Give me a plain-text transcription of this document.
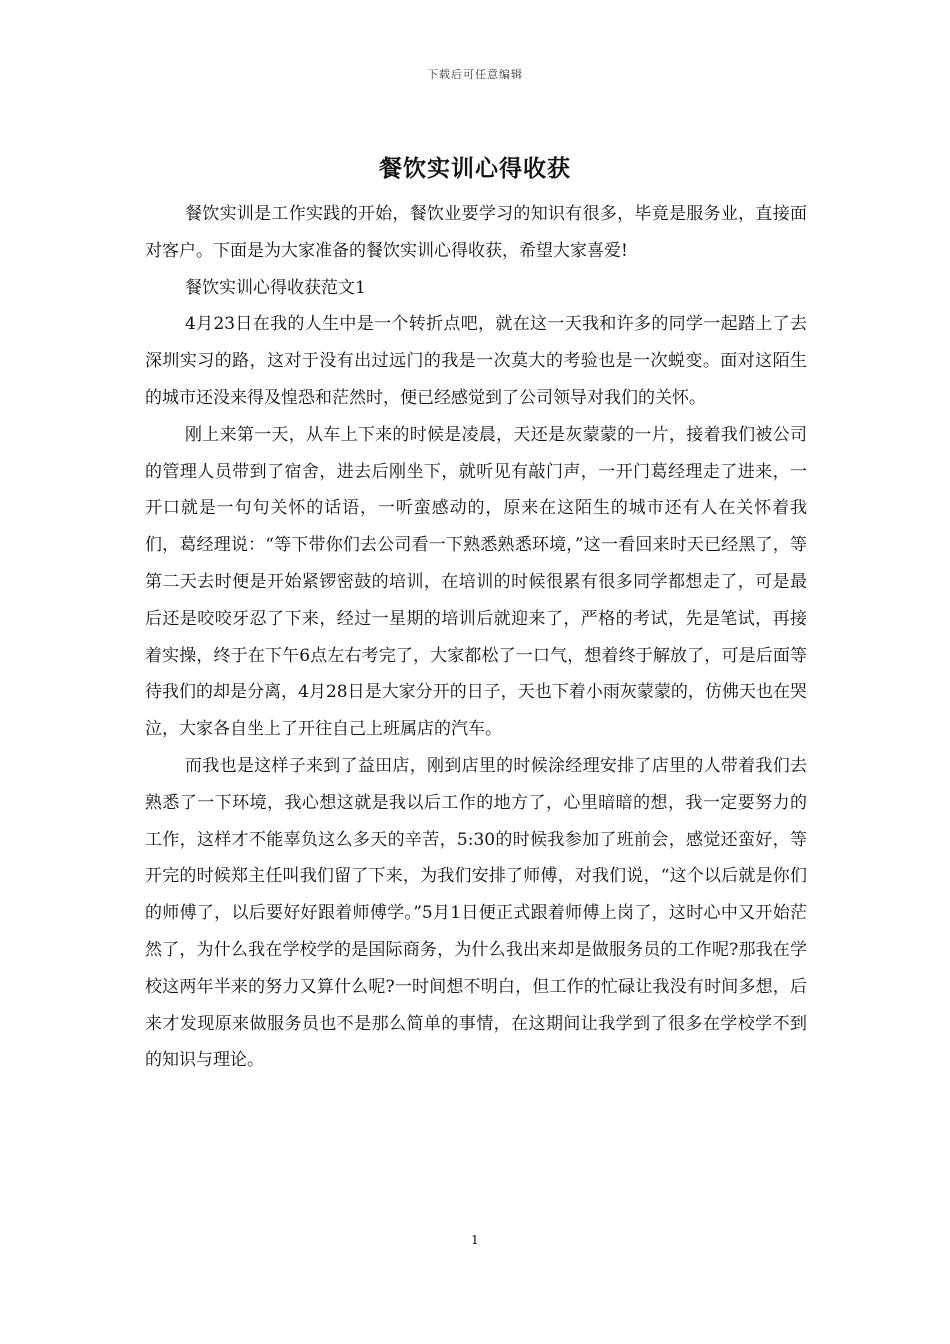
下载后可任意编辑
餐饮实训心得收获

餐饮实训是工作实践的开始，餐饮业要学习的知识有很多，毕竟是服务业，直接面对客户。下面是为大家准备的餐饮实训心得收获，希望大家喜爱!

餐饮实训心得收获范文1

4月23日在我的人生中是一个转折点吧，就在这一天我和许多的同学一起踏上了去深圳实习的路，这对于没有出过远门的我是一次莫大的考验也是一次蜕变。面对这陌生的城市还没来得及惶恐和茫然时，便已经感觉到了公司领导对我们的关怀。

刚上来第一天，从车上下来的时候是凌晨，天还是灰蒙蒙的一片，接着我们被公司的管理人员带到了宿舍，进去后刚坐下，就听见有敲门声，一开门葛经理走了进来，一开口就是一句句关怀的话语，一听蛮感动的，原来在这陌生的城市还有人在关怀着我们，葛经理说：“等下带你们去公司看一下熟悉熟悉环境，”这一看回来时天已经黑了，等第二天去时便是开始紧锣密鼓的培训，在培训的时候很累有很多同学都想走了，可是最后还是咬咬牙忍了下来，经过一星期的培训后就迎来了，严格的考试，先是笔试，再接着实操，终于在下午6点左右考完了，大家都松了一口气，想着终于解放了，可是后面等待我们的却是分离，4月28日是大家分开的日子，天也下着小雨灰蒙蒙的，仿佛天也在哭泣，大家各自坐上了开往自己上班属店的汽车。

而我也是这样子来到了益田店，刚到店里的时候涂经理安排了店里的人带着我们去熟悉了一下环境，我心想这就是我以后工作的地方了，心里暗暗的想，我一定要努力的工作，这样才不能辜负这么多天的辛苦，5:30的时候我参加了班前会，感觉还蛮好，等开完的时候郑主任叫我们留了下来，为我们安排了师傅，对我们说，“这个以后就是你们的师傅了，以后要好好跟着师傅学。”5月1日便正式跟着师傅上岗了，这时心中又开始茫然了，为什么我在学校学的是国际商务，为什么我出来却是做服务员的工作呢?那我在学校这两年半来的努力又算什么呢?一时间想不明白，但工作的忙碌让我没有时间多想，后来才发现原来做服务员也不是那么简单的事情，在这期间让我学到了很多在学校学不到的知识与理论。

1
